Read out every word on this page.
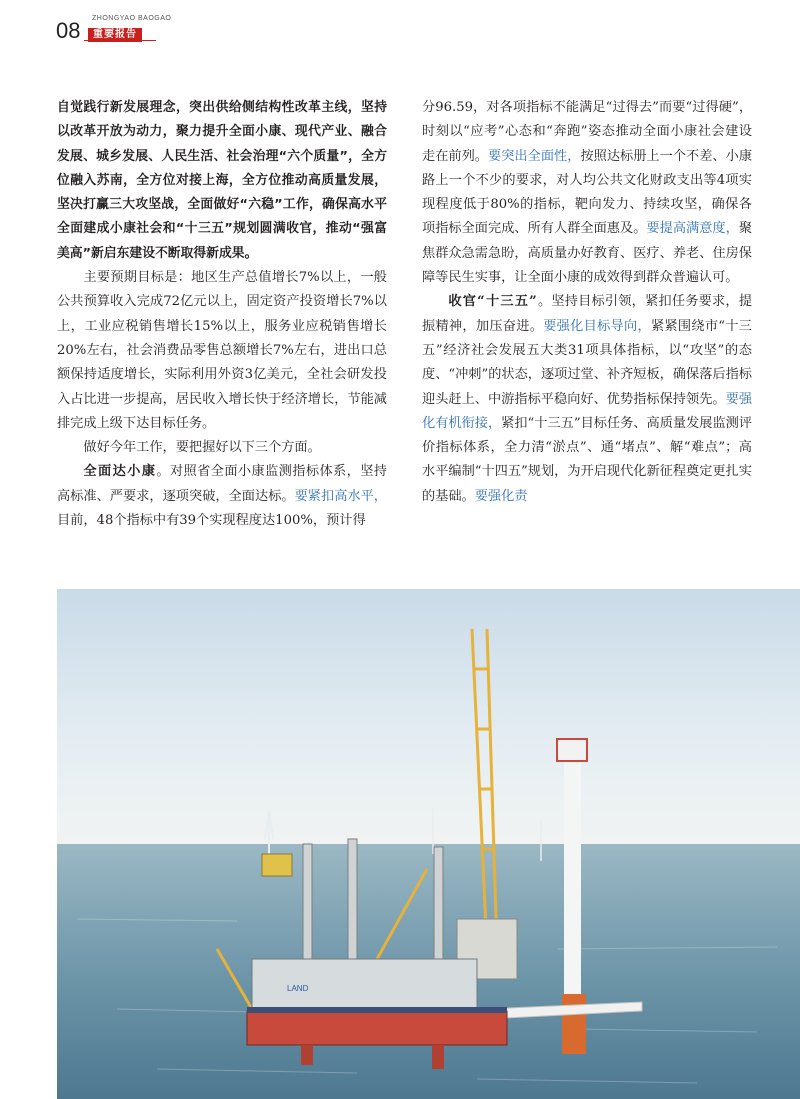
08 ZHONGYAO BAOGAO
重要报告

自觉践行新发展理念，突出供给侧结构性改革主线，坚持以改革开放为动力，聚力提升全面小康、现代产业、融合发展、城乡发展、人民生活、社会治理“六个质量”，全方位融入苏南，全方位对接上海，全方位推动高质量发展，坚决打赢三大攻坚战，全面做好“六稳”工作，确保高水平全面建成小康社会和“十三五”规划圆满收官，推动“强富美高”新启东建设不断取得新成果。

主要预期目标是：地区生产总值增长7%以上，一般公共预算收入完成72亿元以上，固定资产投资增长7%以上，工业应税销售增长15%以上，服务业应税销售增长20%左右，社会消费品零售总额增长7%左右，进出口总额保持适度增长，实际利用外资3亿美元，全社会研发投入占比进一步提高，居民收入增长快于经济增长，节能减排完成上级下达目标任务。

做好今年工作，要把握好以下三个方面。

全面达小康。对照省全面小康监测指标体系，坚持高标准、严要求，逐项突破，全面达标。要紧扣高水平，目前，48个指标中有39个实现程度达100%，预计得

分96.59，对各项指标不能满足“过得去”而要“过得硬”，时刻以“应考”心态和“奔跑”姿态推动全面小康社会建设走在前列。要突出全面性，按照达标册上一个不差、小康路上一个不少的要求，对人均公共文化财政支出等4项实现程度低于80%的指标，靶向发力、持续攻坚，确保各项指标全面完成、所有人群全面惠及。要提高满意度，聚焦群众急需急盼，高质量办好教育、医疗、养老、住房保障等民生实事，让全面小康的成效得到群众普遍认可。

收官“十三五”。坚持目标引领，紧扣任务要求，提振精神，加压奋进。要强化目标导向，紧紧围绕市“十三五”经济社会发展五大类31项具体指标，以“攻坚”的态度、“冲刺”的状态，逐项过堂、补齐短板，确保落后指标迎头赶上、中游指标平稳向好、优势指标保持领先。要强化有机衔接，紧扣“十三五”目标任务、高质量发展监测评价指标体系，全力清“淤点”、通“堵点”、解“难点”；高水平编制“十四五”规划，为开启现代化新征程奠定更扎实的基础。要强化责

LAND
